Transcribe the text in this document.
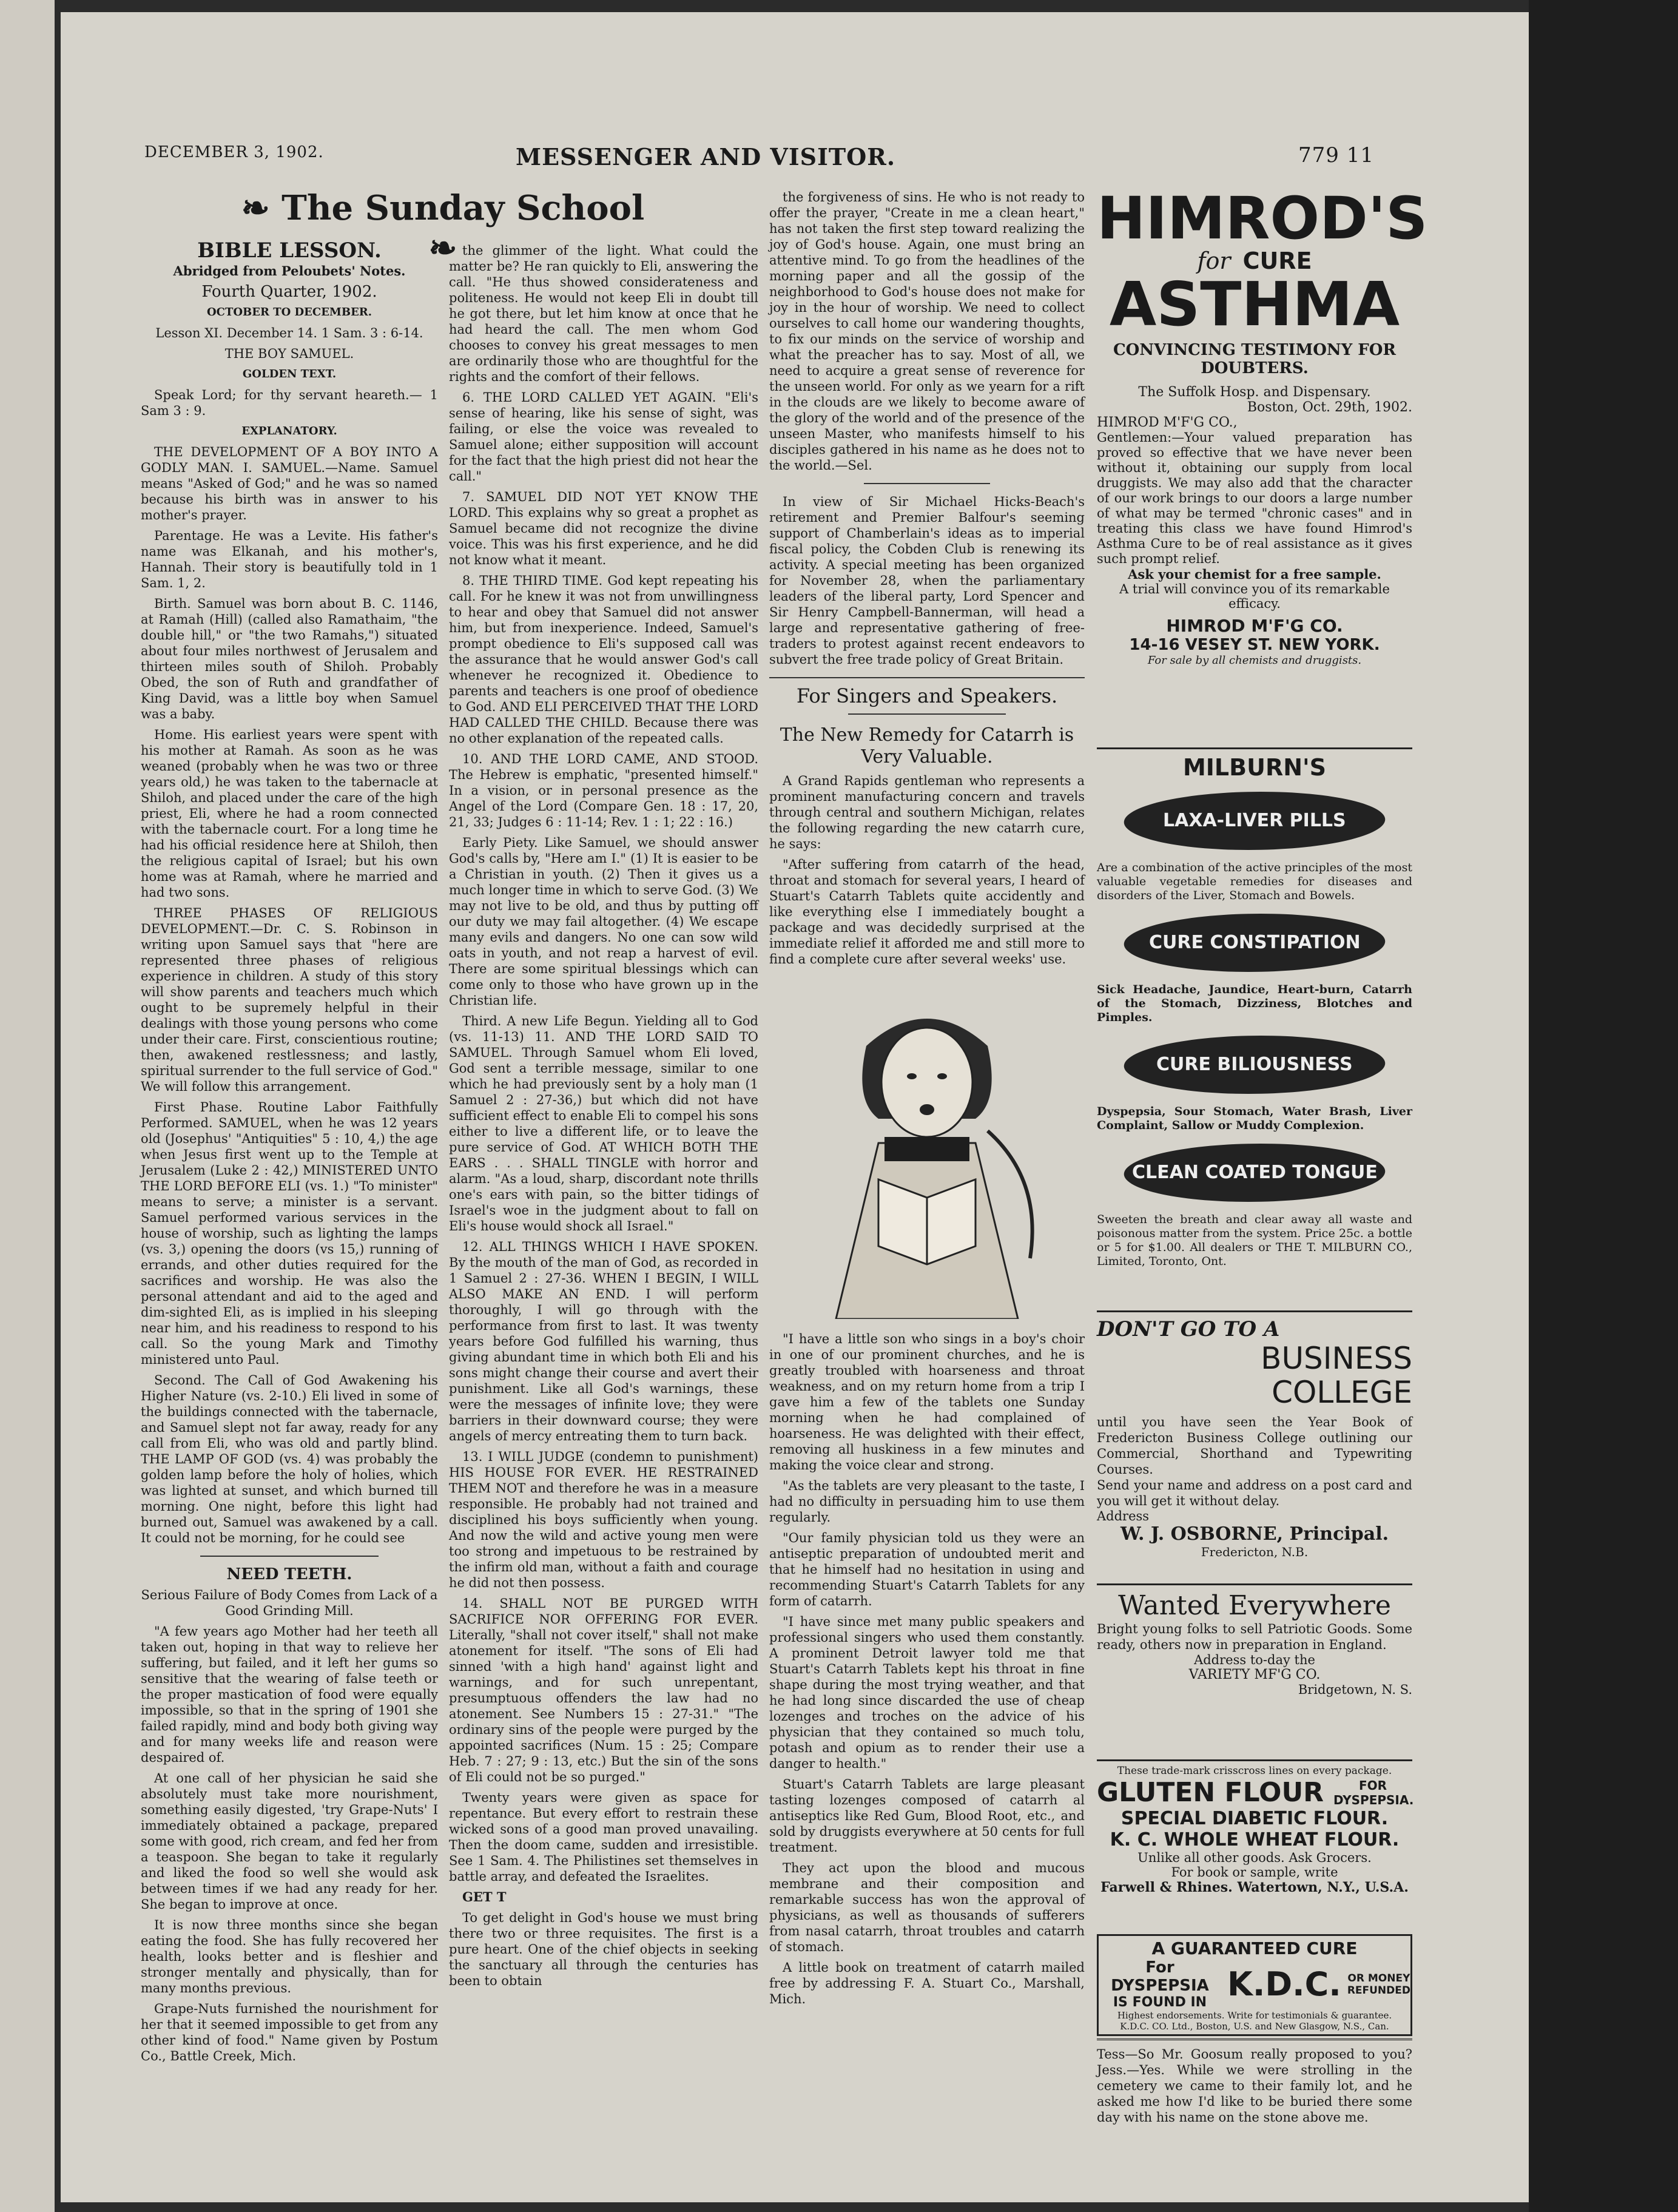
DECEMBER 3, 1902.	MESSENGER AND VISITOR.	779 11
❧ The Sunday School ❧

BIBLE LESSON.

Abridged from Peloubets' Notes.

Fourth Quarter, 1902.

OCTOBER TO DECEMBER.

Lesson XI. December 14. 1 Sam. 3 : 6-14.

THE BOY SAMUEL.

GOLDEN TEXT.

Speak Lord; for thy servant heareth.— 1 Sam 3 : 9.

EXPLANATORY.

THE DEVELOPMENT OF A BOY INTO A GODLY MAN. I. SAMUEL.—Name. Samuel means "Asked of God;" and he was so named because his birth was in answer to his mother's prayer.

Parentage. He was a Levite. His father's name was Elkanah, and his mother's, Hannah. Their story is beautifully told in 1 Sam. 1, 2.

Birth. Samuel was born about B. C. 1146, at Ramah (Hill) (called also Ramathaim, "the double hill," or "the two Ramahs,") situated about four miles northwest of Jerusalem and thirteen miles south of Shiloh. Probably Obed, the son of Ruth and grandfather of King David, was a little boy when Samuel was a baby.

Home. His earliest years were spent with his mother at Ramah. As soon as he was weaned (probably when he was two or three years old,) he was taken to the tabernacle at Shiloh, and placed under the care of the high priest, Eli, where he had a room connected with the tabernacle court. For a long time he had his official residence here at Shiloh, then the religious capital of Israel; but his own home was at Ramah, where he married and had two sons.

THREE PHASES OF RELIGIOUS DEVELOPMENT.—Dr. C. S. Robinson in writing upon Samuel says that "here are represented three phases of religious experience in children. A study of this story will show parents and teachers much which ought to be supremely helpful in their dealings with those young persons who come under their care. First, conscientious routine; then, awakened restlessness; and lastly, spiritual surrender to the full service of God." We will follow this arrangement.

First Phase. Routine Labor Faithfully Performed. SAMUEL, when he was 12 years old (Josephus' "Antiquities" 5 : 10, 4,) the age when Jesus first went up to the Temple at Jerusalem (Luke 2 : 42,) MINISTERED UNTO THE LORD BEFORE ELI (vs. 1.) "To minister" means to serve; a minister is a servant. Samuel performed various services in the house of worship, such as lighting the lamps (vs. 3,) opening the doors (vs 15,) running of errands, and other duties required for the sacrifices and worship. He was also the personal attendant and aid to the aged and dim-sighted Eli, as is implied in his sleeping near him, and his readiness to respond to his call. So the young Mark and Timothy ministered unto Paul.

Second. The Call of God Awakening his Higher Nature (vs. 2-10.) Eli lived in some of the buildings connected with the tabernacle, and Samuel slept not far away, ready for any call from Eli, who was old and partly blind. THE LAMP OF GOD (vs. 4) was probably the golden lamp before the holy of holies, which was lighted at sunset, and which burned till morning. One night, before this light had burned out, Samuel was awakened by a call. It could not be morning, for he could see

NEED TEETH.

Serious Failure of Body Comes from Lack of a Good Grinding Mill.

"A few years ago Mother had her teeth all taken out, hoping in that way to relieve her suffering, but failed, and it left her gums so sensitive that the wearing of false teeth or the proper mastication of food were equally impossible, so that in the spring of 1901 she failed rapidly, mind and body both giving way and for many weeks life and reason were despaired of.

At one call of her physician he said she absolutely must take more nourishment, something easily digested, 'try Grape-Nuts' I immediately obtained a package, prepared some with good, rich cream, and fed her from a teaspoon. She began to take it regularly and liked the food so well she would ask between times if we had any ready for her. She began to improve at once.

It is now three months since she began eating the food. She has fully recovered her health, looks better and is fleshier and stronger mentally and physically, than for many months previous.

Grape-Nuts furnished the nourishment for her that it seemed impossible to get from any other kind of food." Name given by Postum Co., Battle Creek, Mich.

the glimmer of the light. What could the matter be? He ran quickly to Eli, answering the call. "He thus showed considerateness and politeness. He would not keep Eli in doubt till he got there, but let him know at once that he had heard the call. The men whom God chooses to convey his great messages to men are ordinarily those who are thoughtful for the rights and the comfort of their fellows.

6. THE LORD CALLED YET AGAIN. "Eli's sense of hearing, like his sense of sight, was failing, or else the voice was revealed to Samuel alone; either supposition will account for the fact that the high priest did not hear the call."

7. SAMUEL DID NOT YET KNOW THE LORD. This explains why so great a prophet as Samuel became did not recognize the divine voice. This was his first experience, and he did not know what it meant.

8. THE THIRD TIME. God kept repeating his call. For he knew it was not from unwillingness to hear and obey that Samuel did not answer him, but from inexperience. Indeed, Samuel's prompt obedience to Eli's supposed call was the assurance that he would answer God's call whenever he recognized it. Obedience to parents and teachers is one proof of obedience to God. AND ELI PERCEIVED THAT THE LORD HAD CALLED THE CHILD. Because there was no other explanation of the repeated calls.

10. AND THE LORD CAME, AND STOOD. The Hebrew is emphatic, "presented himself." In a vision, or in personal presence as the Angel of the Lord (Compare Gen. 18 : 17, 20, 21, 33; Judges 6 : 11-14; Rev. 1 : 1; 22 : 16.)

Early Piety. Like Samuel, we should answer God's calls by, "Here am I." (1) It is easier to be a Christian in youth. (2) Then it gives us a much longer time in which to serve God. (3) We may not live to be old, and thus by putting off our duty we may fail altogether. (4) We escape many evils and dangers. No one can sow wild oats in youth, and not reap a harvest of evil. There are some spiritual blessings which can come only to those who have grown up in the Christian life.

Third. A new Life Begun. Yielding all to God (vs. 11-13) 11. AND THE LORD SAID TO SAMUEL. Through Samuel whom Eli loved, God sent a terrible message, similar to one which he had previously sent by a holy man (1 Samuel 2 : 27-36,) but which did not have sufficient effect to enable Eli to compel his sons either to live a different life, or to leave the pure service of God. AT WHICH BOTH THE EARS . . . SHALL TINGLE with horror and alarm. "As a loud, sharp, discordant note thrills one's ears with pain, so the bitter tidings of Israel's woe in the judgment about to fall on Eli's house would shock all Israel."

12. ALL THINGS WHICH I HAVE SPOKEN. By the mouth of the man of God, as recorded in 1 Samuel 2 : 27-36. WHEN I BEGIN, I WILL ALSO MAKE AN END. I will perform thoroughly, I will go through with the performance from first to last. It was twenty years before God fulfilled his warning, thus giving abundant time in which both Eli and his sons might change their course and avert their punishment. Like all God's warnings, these were the messages of infinite love; they were barriers in their downward course; they were angels of mercy entreating them to turn back.

13. I WILL JUDGE (condemn to punishment) HIS HOUSE FOR EVER. HE RESTRAINED THEM NOT and therefore he was in a measure responsible. He probably had not trained and disciplined his boys sufficiently when young. And now the wild and active young men were too strong and impetuous to be restrained by the infirm old man, without a faith and courage he did not then possess.

14. SHALL NOT BE PURGED WITH SACRIFICE NOR OFFERING FOR EVER. Literally, "shall not cover itself," shall not make atonement for itself. "The sons of Eli had sinned 'with a high hand' against light and warnings, and for such unrepentant, presumptuous offenders the law had no atonement. See Numbers 15 : 27-31." "The ordinary sins of the people were purged by the appointed sacrifices (Num. 15 : 25; Compare Heb. 7 : 27; 9 : 13, etc.) But the sin of the sons of Eli could not be so purged."

Twenty years were given as space for repentance. But every effort to restrain these wicked sons of a good man proved unavailing. Then the doom came, sudden and irresistible. See 1 Sam. 4. The Philistines set themselves in battle array, and defeated the Israelites.

GET T

To get delight in God's house we must bring there two or three requisites. The first is a pure heart. One of the chief objects in seeking the sanctuary all through the centuries has been to obtain

the forgiveness of sins. He who is not ready to offer the prayer, "Create in me a clean heart," has not taken the first step toward realizing the joy of God's house. Again, one must bring an attentive mind. To go from the headlines of the morning paper and all the gossip of the neighborhood to God's house does not make for joy in the hour of worship. We need to collect ourselves to call home our wandering thoughts, to fix our minds on the service of worship and what the preacher has to say. Most of all, we need to acquire a great sense of reverence for the unseen world. For only as we yearn for a rift in the clouds are we likely to become aware of the glory of the world and of the presence of the unseen Master, who manifests himself to his disciples gathered in his name as he does not to the world.—Sel.

In view of Sir Michael Hicks-Beach's retirement and Premier Balfour's seeming support of Chamberlain's ideas as to imperial fiscal policy, the Cobden Club is renewing its activity. A special meeting has been organized for November 28, when the parliamentary leaders of the liberal party, Lord Spencer and Sir Henry Campbell-Bannerman, will head a large and representative gathering of free-traders to protest against recent endeavors to subvert the free trade policy of Great Britain.

For Singers and Speakers.

The New Remedy for Catarrh is Very Valuable.

A Grand Rapids gentleman who represents a prominent manufacturing concern and travels through central and southern Michigan, relates the following regarding the new catarrh cure, he says:

"After suffering from catarrh of the head, throat and stomach for several years, I heard of Stuart's Catarrh Tablets quite accidently and like everything else I immediately bought a package and was decidedly surprised at the immediate relief it afforded me and still more to find a complete cure after several weeks' use.

"I have a little son who sings in a boy's choir in one of our prominent churches, and he is greatly troubled with hoarseness and throat weakness, and on my return home from a trip I gave him a few of the tablets one Sunday morning when he had complained of hoarseness. He was delighted with their effect, removing all huskiness in a few minutes and making the voice clear and strong.

"As the tablets are very pleasant to the taste, I had no difficulty in persuading him to use them regularly.

"Our family physician told us they were an antiseptic preparation of undoubted merit and that he himself had no hesitation in using and recommending Stuart's Catarrh Tablets for any form of catarrh.

"I have since met many public speakers and professional singers who used them constantly. A prominent Detroit lawyer told me that Stuart's Catarrh Tablets kept his throat in fine shape during the most trying weather, and that he had long since discarded the use of cheap lozenges and troches on the advice of his physician that they contained so much tolu, potash and opium as to render their use a danger to health."

Stuart's Catarrh Tablets are large pleasant tasting lozenges composed of catarrh al antiseptics like Red Gum, Blood Root, etc., and sold by druggists everywhere at 50 cents for full treatment.

They act upon the blood and mucous membrane and their composition and remarkable success has won the approval of physicians, as well as thousands of sufferers from nasal catarrh, throat troubles and catarrh of stomach.

A little book on treatment of catarrh mailed free by addressing F. A. Stuart Co., Marshall, Mich.

HIMROD'S
for CURE
ASTHMA
CONVINCING TESTIMONY FOR DOUBTERS.
The Suffolk Hosp. and Dispensary.
Boston, Oct. 29th, 1902.
HIMROD M'F'G CO.,
Gentlemen:—Your valued preparation has proved so effective that we have never been without it, obtaining our supply from local druggists. We may also add that the character of our work brings to our doors a large number of what may be termed "chronic cases" and in treating this class we have found Himrod's Asthma Cure to be of real assistance as it gives such prompt relief.
Ask your chemist for a free sample.
A trial will convince you of its remarkable efficacy.
HIMROD M'F'G CO.
14-16 VESEY ST. NEW YORK.
For sale by all chemists and druggists.
MILBURN'S
LAXA-LIVER PILLS
Are a combination of the active principles of the most valuable vegetable remedies for diseases and disorders of the Liver, Stomach and Bowels.
CURE CONSTIPATION
Sick Headache, Jaundice, Heart-burn, Catarrh of the Stomach, Dizziness, Blotches and Pimples.
CURE BILIOUSNESS
Dyspepsia, Sour Stomach, Water Brash, Liver Complaint, Sallow or Muddy Complexion.
CLEAN COATED TONGUE
Sweeten the breath and clear away all waste and poisonous matter from the system. Price 25c. a bottle or 5 for $1.00. All dealers or THE T. MILBURN CO., Limited, Toronto, Ont.
DON'T GO TO A
BUSINESS
COLLEGE
until you have seen the Year Book of Fredericton Business College outlining our Commercial, Shorthand and Typewriting Courses.
Send your name and address on a post card and you will get it without delay.
Address
W. J. OSBORNE, Principal.
Fredericton, N.B.
Wanted Everywhere
Bright young folks to sell Patriotic Goods. Some ready, others now in preparation in England.
Address to-day the
VARIETY MF'G CO.
Bridgetown, N. S.
These trade-mark crisscross lines on every package.
GLUTEN FLOUR	FOR DYSPEPSIA.
SPECIAL DIABETIC FLOUR.
K. C. WHOLE WHEAT FLOUR.
Unlike all other goods. Ask Grocers.
For book or sample, write
Farwell & Rhines. Watertown, N.Y., U.S.A.
A GUARANTEED CURE
For DYSPEPSIA
IS FOUND IN K.D.C. OR MONEY REFUNDED
Highest endorsements. Write for testimonials & guarantee.
K.D.C. CO. Ltd., Boston, U.S. and New Glasgow, N.S., Can.
Tess—So Mr. Goosum really proposed to you? Jess.—Yes. While we were strolling in the cemetery we came to their family lot, and he asked me how I'd like to be buried there some day with his name on the stone above me.
